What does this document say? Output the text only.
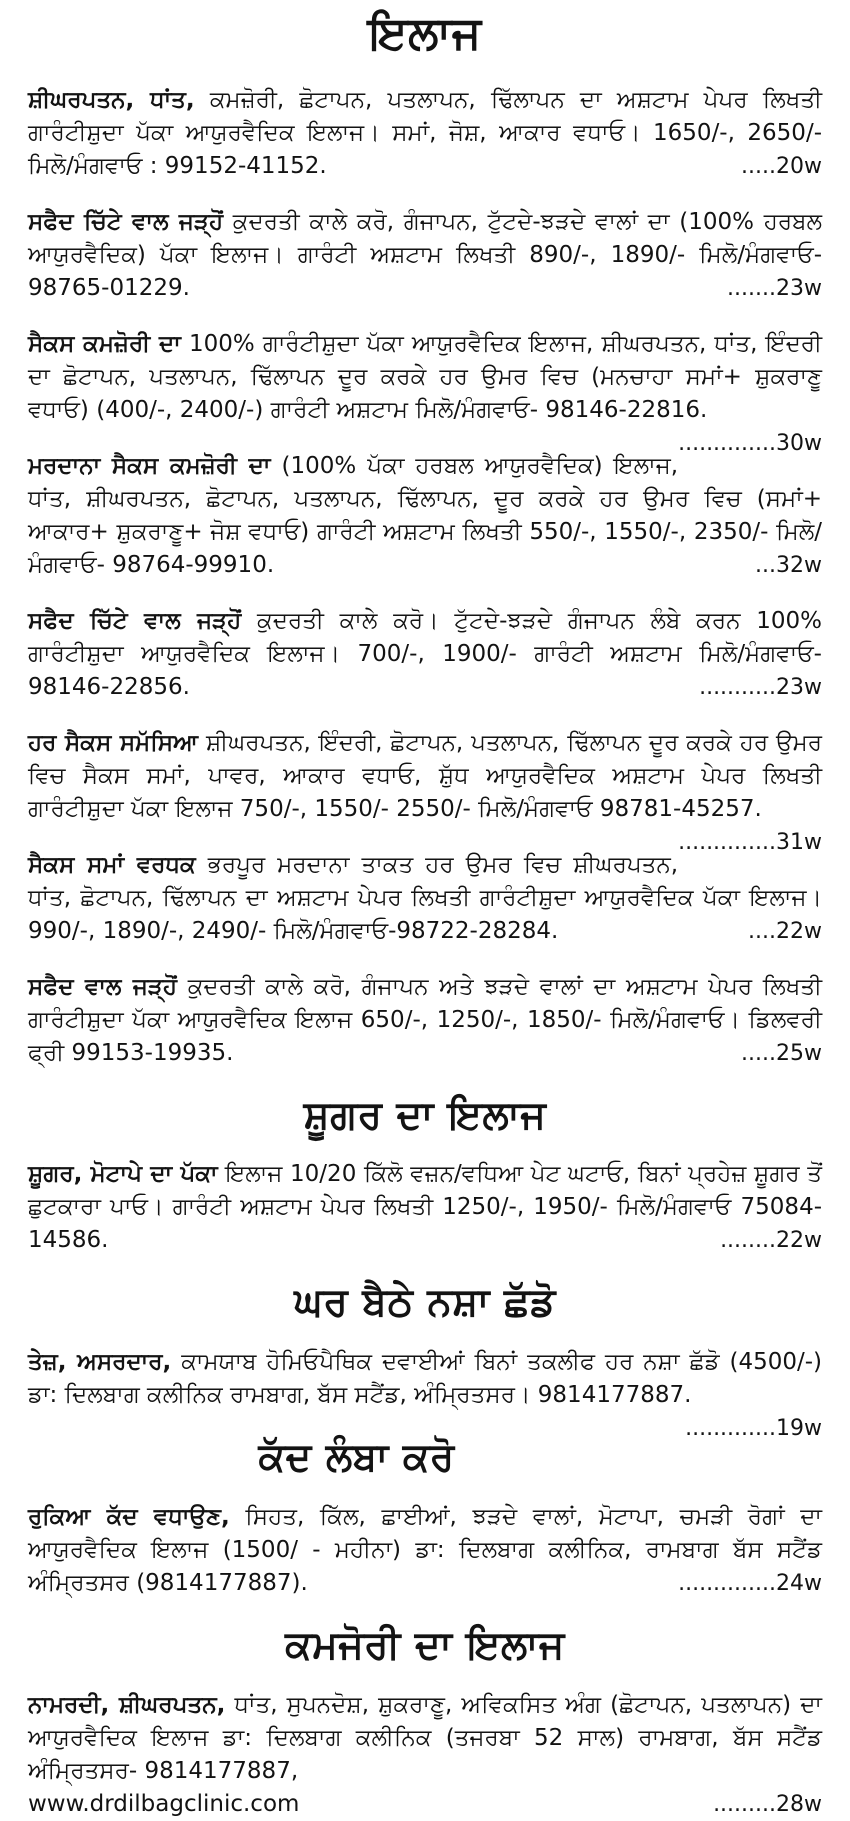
ਇਲਾਜ

ਸ਼ੀਘਰਪਤਨ, ਧਾਂਤ, ਕਮਜ਼ੋਰੀ, ਛੋਟਾਪਨ, ਪਤਲਾਪਨ, ਢਿੱਲਾਪਨ ਦਾ ਅਸ਼ਟਾਮ ਪੇਪਰ ਲਿਖਤੀ ਗਾਰੰਟੀਸ਼ੁਦਾ ਪੱਕਾ ਆਯੁਰਵੈਦਿਕ ਇਲਾਜ। ਸਮਾਂ, ਜੋਸ਼, ਆਕਾਰ ਵਧਾਓ। 1650/-, 2650/- ਮਿਲੋ/ਮੰਗਵਾਓ : 99152-41152.	.....20w

ਸਫੈਦ ਚਿੱਟੇ ਵਾਲ ਜੜ੍ਹੋਂ ਕੁਦਰਤੀ ਕਾਲੇ ਕਰੋ, ਗੰਜਾਪਨ, ਟੁੱਟਦੇ-ਝੜਦੇ ਵਾਲਾਂ ਦਾ (100% ਹਰਬਲ ਆਯੁਰਵੈਦਿਕ) ਪੱਕਾ ਇਲਾਜ। ਗਾਰੰਟੀ ਅਸ਼ਟਾਮ ਲਿਖਤੀ 890/-, 1890/- ਮਿਲੋ/ਮੰਗਵਾਓ- 98765-01229.	.......23w

ਸੈਕਸ ਕਮਜ਼ੋਰੀ ਦਾ 100% ਗਾਰੰਟੀਸ਼ੁਦਾ ਪੱਕਾ ਆਯੁਰਵੈਦਿਕ ਇਲਾਜ, ਸ਼ੀਘਰਪਤਨ, ਧਾਂਤ, ਇੰਦਰੀ ਦਾ ਛੋਟਾਪਨ, ਪਤਲਾਪਨ, ਢਿੱਲਾਪਨ ਦੂਰ ਕਰਕੇ ਹਰ ਉਮਰ ਵਿਚ (ਮਨਚਾਹਾ ਸਮਾਂ+ ਸ਼ੁਕਰਾਣੂ ਵਧਾਓ) (400/-, 2400/-) ਗਾਰੰਟੀ ਅਸ਼ਟਾਮ ਮਿਲੋ/ਮੰਗਵਾਓ- 98146-22816.
..............30w

ਮਰਦਾਨਾ ਸੈਕਸ ਕਮਜ਼ੋਰੀ ਦਾ (100% ਪੱਕਾ ਹਰਬਲ ਆਯੁਰਵੈਦਿਕ) ਇਲਾਜ, ਧਾਂਤ, ਸ਼ੀਘਰਪਤਨ, ਛੋਟਾਪਨ, ਪਤਲਾਪਨ, ਢਿੱਲਾਪਨ, ਦੂਰ ਕਰਕੇ ਹਰ ਉਮਰ ਵਿਚ (ਸਮਾਂ+ ਆਕਾਰ+ ਸ਼ੁਕਰਾਣੂ+ ਜੋਸ਼ ਵਧਾਓ) ਗਾਰੰਟੀ ਅਸ਼ਟਾਮ ਲਿਖਤੀ 550/-, 1550/-, 2350/- ਮਿਲੋ/ ਮੰਗਵਾਓ- 98764-99910.	...32w

ਸਫੈਦ ਚਿੱਟੇ ਵਾਲ ਜੜ੍ਹੋਂ ਕੁਦਰਤੀ ਕਾਲੇ ਕਰੋ। ਟੁੱਟਦੇ-ਝੜਦੇ ਗੰਜਾਪਨ ਲੰਬੇ ਕਰਨ 100% ਗਾਰੰਟੀਸ਼ੁਦਾ ਆਯੁਰਵੈਦਿਕ ਇਲਾਜ। 700/-, 1900/- ਗਾਰੰਟੀ ਅਸ਼ਟਾਮ ਮਿਲੋ/ਮੰਗਵਾਓ- 98146-22856.	...........23w

ਹਰ ਸੈਕਸ ਸਮੱਸਿਆ ਸ਼ੀਘਰਪਤਨ, ਇੰਦਰੀ, ਛੋਟਾਪਨ, ਪਤਲਾਪਨ, ਢਿੱਲਾਪਨ ਦੂਰ ਕਰਕੇ ਹਰ ਉਮਰ ਵਿਚ ਸੈਕਸ ਸਮਾਂ, ਪਾਵਰ, ਆਕਾਰ ਵਧਾਓ, ਸ਼ੁੱਧ ਆਯੁਰਵੈਦਿਕ ਅਸ਼ਟਾਮ ਪੇਪਰ ਲਿਖਤੀ ਗਾਰੰਟੀਸ਼ੁਦਾ ਪੱਕਾ ਇਲਾਜ 750/-, 1550/- 2550/- ਮਿਲੋ/ਮੰਗਵਾਓ 98781-45257.
..............31w

ਸੈਕਸ ਸਮਾਂ ਵਰਧਕ ਭਰਪੂਰ ਮਰਦਾਨਾ ਤਾਕਤ ਹਰ ਉਮਰ ਵਿਚ ਸ਼ੀਘਰਪਤਨ, ਧਾਂਤ, ਛੋਟਾਪਨ, ਢਿੱਲਾਪਨ ਦਾ ਅਸ਼ਟਾਮ ਪੇਪਰ ਲਿਖਤੀ ਗਾਰੰਟੀਸ਼ੁਦਾ ਆਯੁਰਵੈਦਿਕ ਪੱਕਾ ਇਲਾਜ। 990/-, 1890/-, 2490/- ਮਿਲੋ/ਮੰਗਵਾਓ-98722-28284.	....22w

ਸਫੈਦ ਵਾਲ ਜੜ੍ਹੋਂ ਕੁਦਰਤੀ ਕਾਲੇ ਕਰੋ, ਗੰਜਾਪਨ ਅਤੇ ਝੜਦੇ ਵਾਲਾਂ ਦਾ ਅਸ਼ਟਾਮ ਪੇਪਰ ਲਿਖਤੀ ਗਾਰੰਟੀਸ਼ੁਦਾ ਪੱਕਾ ਆਯੁਰਵੈਦਿਕ ਇਲਾਜ 650/-, 1250/-, 1850/- ਮਿਲੋ/ਮੰਗਵਾਓ। ਡਿਲਵਰੀ ਫ੍ਰੀ 99153-19935.	.....25w

ਸ਼ੂਗਰ ਦਾ ਇਲਾਜ

ਸ਼ੂਗਰ, ਮੋਟਾਪੇ ਦਾ ਪੱਕਾ ਇਲਾਜ 10/20 ਕਿੱਲੋ ਵਜ਼ਨ/ਵਧਿਆ ਪੇਟ ਘਟਾਓ, ਬਿਨਾਂ ਪ੍ਰਹੇਜ਼ ਸ਼ੂਗਰ ਤੋਂ ਛੁਟਕਾਰਾ ਪਾਓ। ਗਾਰੰਟੀ ਅਸ਼ਟਾਮ ਪੇਪਰ ਲਿਖਤੀ 1250/-, 1950/- ਮਿਲੋ/ਮੰਗਵਾਓ 75084-14586.	........22w

ਘਰ ਬੈਠੇ ਨਸ਼ਾ ਛੱਡੋ

ਤੇਜ਼, ਅਸਰਦਾਰ, ਕਾਮਯਾਬ ਹੋਮਿਓਪੈਥਿਕ ਦਵਾਈਆਂ ਬਿਨਾਂ ਤਕਲੀਫ ਹਰ ਨਸ਼ਾ ਛੱਡੋ (4500/-) ਡਾ: ਦਿਲਬਾਗ ਕਲੀਨਿਕ ਰਾਮਬਾਗ, ਬੱਸ ਸਟੈਂਡ, ਅੰਮ੍ਰਿਤਸਰ। 9814177887.
.............19w

ਕੱਦ ਲੰਬਾ ਕਰੋ

ਰੁਕਿਆ ਕੱਦ ਵਧਾਉਣ, ਸਿਹਤ, ਕਿੱਲ, ਛਾਈਆਂ, ਝੜਦੇ ਵਾਲਾਂ, ਮੋਟਾਪਾ, ਚਮੜੀ ਰੋਗਾਂ ਦਾ ਆਯੁਰਵੈਦਿਕ ਇਲਾਜ (1500/ - ਮਹੀਨਾ) ਡਾ: ਦਿਲਬਾਗ ਕਲੀਨਿਕ, ਰਾਮਬਾਗ ਬੱਸ ਸਟੈਂਡ ਅੰਮ੍ਰਿਤਸਰ (9814177887).	..............24w

ਕਮਜੋਰੀ ਦਾ ਇਲਾਜ

ਨਾਮਰਦੀ, ਸ਼ੀਘਰਪਤਨ, ਧਾਂਤ, ਸੁਪਨਦੋਸ਼, ਸ਼ੁਕਰਾਣੂ, ਅਵਿਕਸਿਤ ਅੰਗ (ਛੋਟਾਪਨ, ਪਤਲਾਪਨ) ਦਾ ਆਯੁਰਵੈਦਿਕ ਇਲਾਜ ਡਾ: ਦਿਲਬਾਗ ਕਲੀਨਿਕ (ਤਜਰਬਾ 52 ਸਾਲ) ਰਾਮਬਾਗ, ਬੱਸ ਸਟੈਂਡ ਅੰਮ੍ਰਿਤਸਰ- 9814177887,

www.drdilbagclinic.com	.........28w
